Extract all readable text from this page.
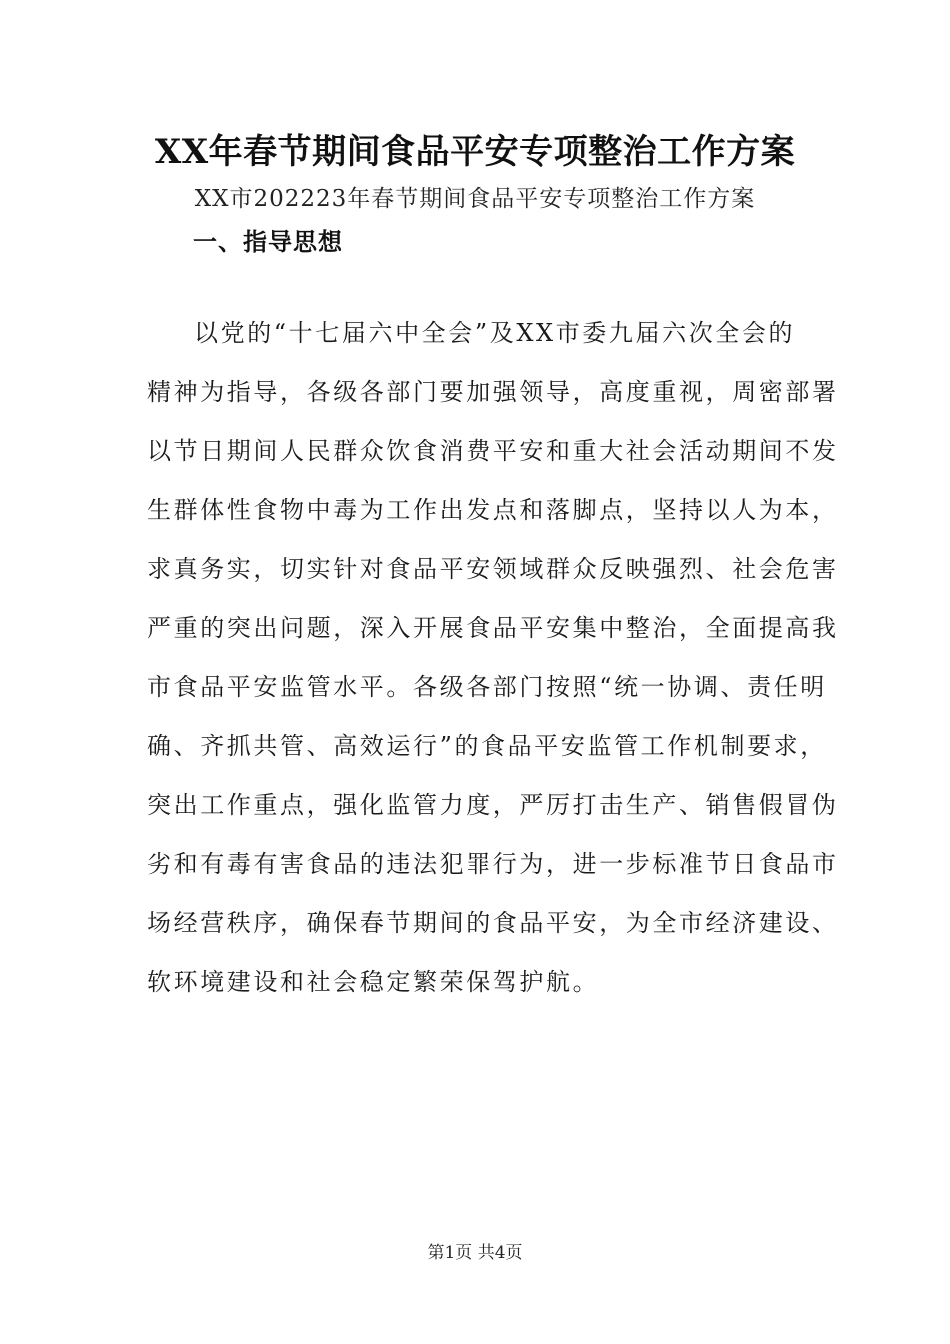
XX年春节期间食品平安专项整治工作方案
XX市202223年春节期间食品平安专项整治工作方案
一、指导思想
以党的“十七届六中全会”及XX市委九届六次全会的
精神为指导，各级各部门要加强领导，高度重视，周密部署
以节日期间人民群众饮食消费平安和重大社会活动期间不发
生群体性食物中毒为工作出发点和落脚点，坚持以人为本，
求真务实，切实针对食品平安领域群众反映强烈、社会危害
严重的突出问题，深入开展食品平安集中整治，全面提高我
市食品平安监管水平。各级各部门按照“统一协调、责任明
确、齐抓共管、高效运行”的食品平安监管工作机制要求，
突出工作重点，强化监管力度，严厉打击生产、销售假冒伪
劣和有毒有害食品的违法犯罪行为，进一步标准节日食品市
场经营秩序，确保春节期间的食品平安，为全市经济建设、
软环境建设和社会稳定繁荣保驾护航。
第1页 共4页
